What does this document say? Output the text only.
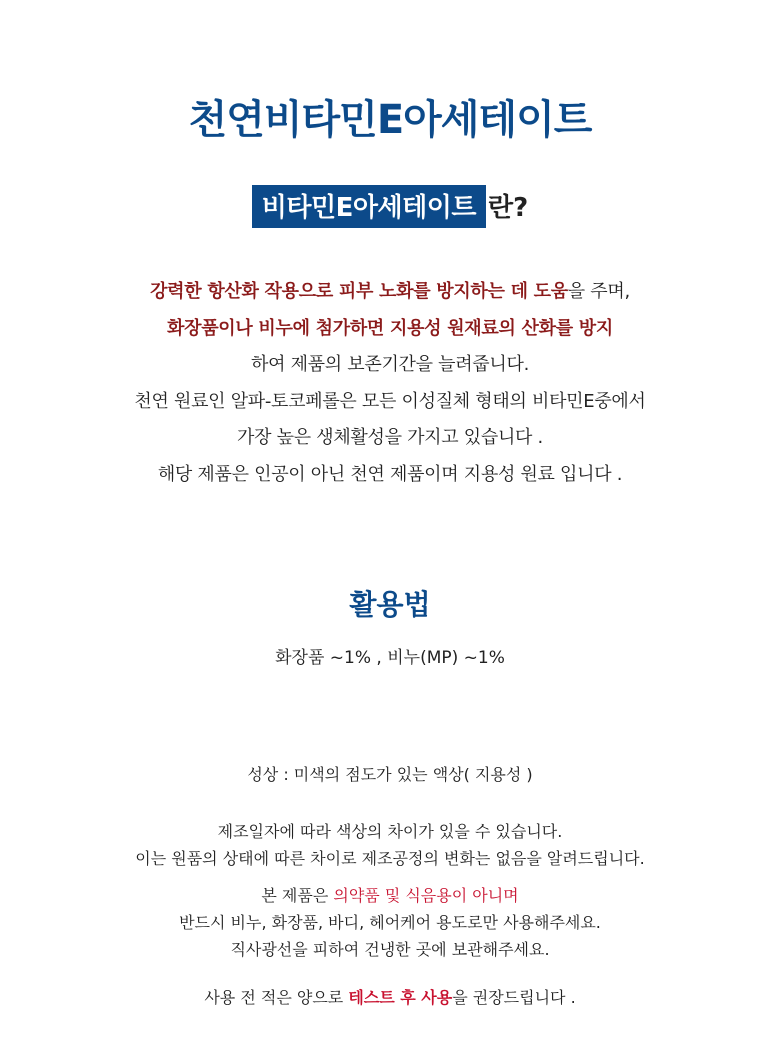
천연비타민E아세테이트
비타민E아세테이트 란?
강력한 항산화 작용으로 피부 노화를 방지하는 데 도움을 주며,
화장품이나 비누에 첨가하면 지용성 원재료의 산화를 방지
하여 제품의 보존기간을 늘려줍니다.
천연 원료인 알파-토코페롤은 모든 이성질체 형태의 비타민E중에서
가장 높은 생체활성을 가지고 있습니다 .
해당 제품은 인공이 아닌 천연 제품이며 지용성 원료 입니다 .
활용법
화장품 ~1% , 비누(MP) ~1%
성상 : 미색의 점도가 있는 액상( 지용성 )
제조일자에 따라 색상의 차이가 있을 수 있습니다.
이는 원품의 상태에 따른 차이로 제조공정의 변화는 없음을 알려드립니다.
본 제품은 의약품 및 식음용이 아니며
반드시 비누, 화장품, 바디, 헤어케어 용도로만 사용해주세요.
직사광선을 피하여 건냉한 곳에 보관해주세요.
사용 전 적은 양으로 테스트 후 사용을 권장드립니다 .
